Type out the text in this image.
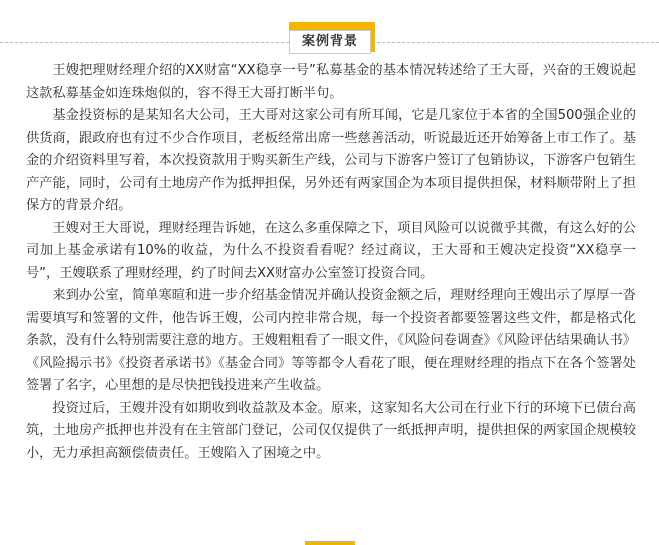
案例背景

王嫂把理财经理介绍的XX财富“XX稳享一号”私募基金的基本情况转述给了王大哥，兴奋的王嫂说起这款私募基金如连珠炮似的，容不得王大哥打断半句。

基金投资标的是某知名大公司，王大哥对这家公司有所耳闻，它是几家位于本省的全国500强企业的供货商，跟政府也有过不少合作项目，老板经常出席一些慈善活动，听说最近还开始筹备上市工作了。基金的介绍资料里写着，本次投资款用于购买新生产线，公司与下游客户签订了包销协议，下游客户包销生产产能，同时，公司有土地房产作为抵押担保，另外还有两家国企为本项目提供担保，材料顺带附上了担保方的背景介绍。

王嫂对王大哥说，理财经理告诉她，在这么多重保障之下，项目风险可以说微乎其微，有这么好的公司加上基金承诺有10%的收益，为什么不投资看看呢？经过商议，王大哥和王嫂决定投资“XX稳享一号”，王嫂联系了理财经理，约了时间去XX财富办公室签订投资合同。

来到办公室，简单寒暄和进一步介绍基金情况并确认投资金额之后，理财经理向王嫂出示了厚厚一沓需要填写和签署的文件，他告诉王嫂，公司内控非常合规，每一个投资者都要签署这些文件，都是格式化条款，没有什么特别需要注意的地方。王嫂粗粗看了一眼文件，《风险问卷调查》《风险评估结果确认书》《风险揭示书》《投资者承诺书》《基金合同》等等都令人看花了眼，便在理财经理的指点下在各个签署处签署了名字，心里想的是尽快把钱投进来产生收益。

投资过后，王嫂并没有如期收到收益款及本金。原来，这家知名大公司在行业下行的环境下已债台高筑，土地房产抵押也并没有在主管部门登记，公司仅仅提供了一纸抵押声明，提供担保的两家国企规模较小，无力承担高额偿债责任。王嫂陷入了困境之中。
